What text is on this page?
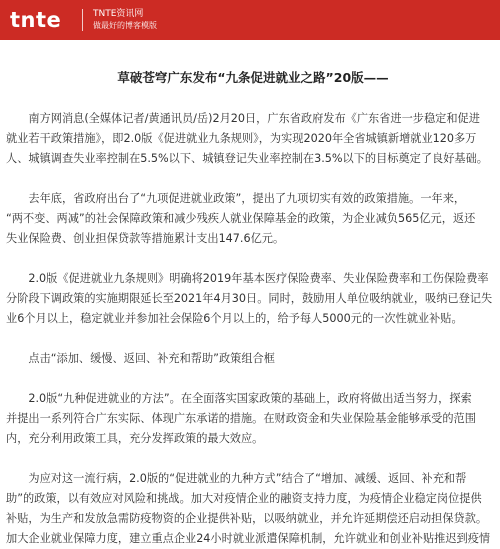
tnte	TNTE资讯网
做最好的博客模版
草破苍穹广东发布“九条促进就业之路”20版——
　　南方网消息(全媒体记者/黄通讯员/岳)2月20日，广东省政府发布《广东省进一步稳定和促进
就业若干政策措施》，即2.0版《促进就业九条规则》，为实现2020年全省城镇新增就业120多万
人、城镇调查失业率控制在5.5%以下、城镇登记失业率控制在3.5%以下的目标奠定了良好基础。
　　去年底，省政府出台了“九项促进就业政策”，提出了九项切实有效的政策措施。一年来，
“两不变、两减”的社会保障政策和减少残疾人就业保障基金的政策，为企业减负565亿元，返还
失业保险费、创业担保贷款等措施累计支出147.6亿元。
　　2.0版《促进就业九条规则》明确将2019年基本医疗保险费率、失业保险费率和工伤保险费率
分阶段下调政策的实施期限延长至2021年4月30日。同时，鼓励用人单位吸纳就业，吸纳已登记失
业6个月以上，稳定就业并参加社会保险6个月以上的，给予每人5000元的一次性就业补贴。
　　点击“添加、缓慢、返回、补充和帮助”政策组合框
　　2.0版“九种促进就业的方法”。在全面落实国家政策的基础上，政府将做出适当努力，探索
并提出一系列符合广东实际、体现广东承诺的措施。在财政资金和失业保险基金能够承受的范围
内，充分利用政策工具，充分发挥政策的最大效应。
　　为应对这一流行病，2.0版的“促进就业的九种方式”结合了“增加、减缓、返回、补充和帮
助”的政策，以有效应对风险和挑战。加大对疫情企业的融资支持力度，为疫情企业稳定岗位提供
补贴，为生产和发放急需防疫物资的企业提供补贴，以吸纳就业，并允许延期偿还启动担保贷款。
加大企业就业保障力度，建立重点企业24小时就业派遣保障机制，允许就业和创业补贴推迟到疫情
